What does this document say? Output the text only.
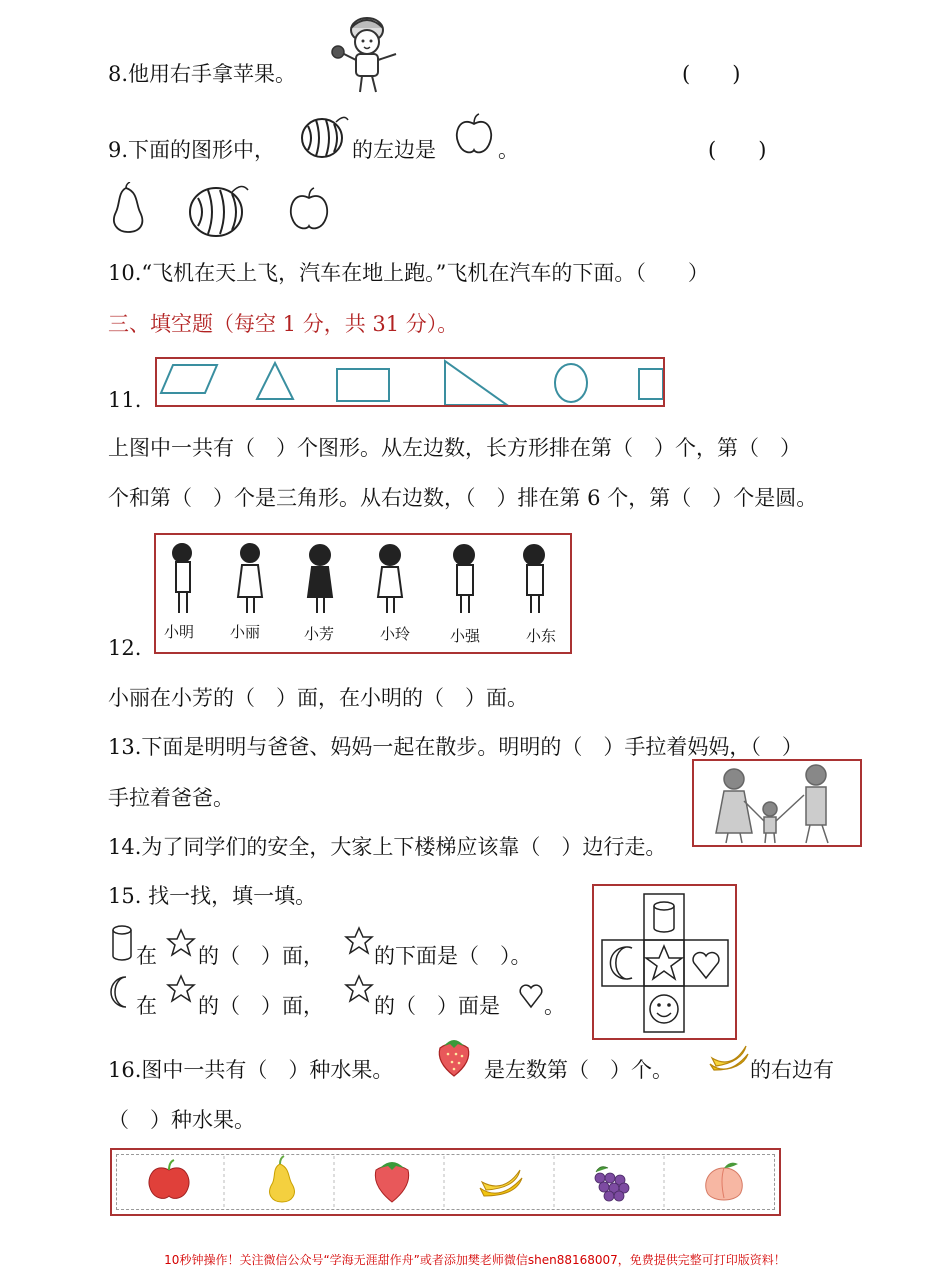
8.他用右手拿苹果。	(　　)
9.下面的图形中，	的左边是	。	(　　)
10.“飞机在天上飞，汽车在地上跑。”飞机在汽车的下面。（　　）
三、填空题（每空 1 分，共 31 分）。
11.
上图中一共有（　）个图形。从左边数，长方形排在第（　）个，第（　）
个和第（　）个是三角形。从右边数，（　）排在第 6 个，第（　）个是圆。
小明 小丽	小芳	小玲	小强	小东
12.
小丽在小芳的（　）面，在小明的（　）面。
13.下面是明明与爸爸、妈妈一起在散步。明明的（　）手拉着妈妈，（　）
手拉着爸爸。
14.为了同学们的安全，大家上下楼梯应该靠（　）边行走。
15. 找一找，填一填。
在 的（　）面， 的下面是（　）。
在 的（　）面， 的（　）面是 。
16.图中一共有（　）种水果。	是左数第（　）个。	的右边有
（　）种水果。
10秒钟操作！关注微信公众号“学海无涯甜作舟”或者添加樊老师微信shen88168007，免费提供完整可打印版资料！
